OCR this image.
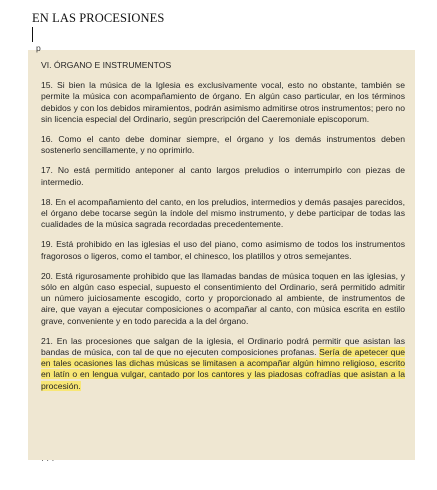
EN LAS PROCESIONES
p
VI. ÓRGANO E INSTRUMENTOS

15. Si bien la música de la Iglesia es exclusivamente vocal, esto no obstante, también se permite la música con acompañamiento de órgano. En algún caso particular, en los términos debidos y con los debidos miramientos, podrán asimismo admitirse otros instrumentos; pero no sin licencia especial del Ordinario, según prescripción del Caeremoniale episcoporum.

16. Como el canto debe dominar siempre, el órgano y los demás instrumentos deben sostenerlo sencillamente, y no oprimirlo.

17. No está permitido anteponer al canto largos preludios o interrumpirlo con piezas de intermedio.

18. En el acompañamiento del canto, en los preludios, intermedios y demás pasajes parecidos, el órgano debe tocarse según la índole del mismo instrumento, y debe participar de todas las cualidades de la música sagrada recordadas precedentemente.

19. Está prohibido en las iglesias el uso del piano, como asimismo de todos los instrumentos fragorosos o ligeros, como el tambor, el chinesco, los platillos y otros semejantes.

20. Está rigurosamente prohibido que las llamadas bandas de música toquen en las iglesias, y sólo en algún caso especial, supuesto el consentimiento del Ordinario, será permitido admitir un número juiciosamente escogido, corto y proporcionado al ambiente, de instrumentos de aire, que vayan a ejecutar composiciones o acompañar al canto, con música escrita en estilo grave, conveniente y en todo parecida a la del órgano.

21. En las procesiones que salgan de la iglesia, el Ordinario podrá permitir que asistan las bandas de música, con tal de que no ejecuten composiciones profanas. Sería de apetecer que en tales ocasiones las dichas músicas se limitasen a acompañar algún himno religioso, escrito en latín o en lengua vulgar, cantado por los cantores y las piadosas cofradías que asistan a la procesión.

· · ·
